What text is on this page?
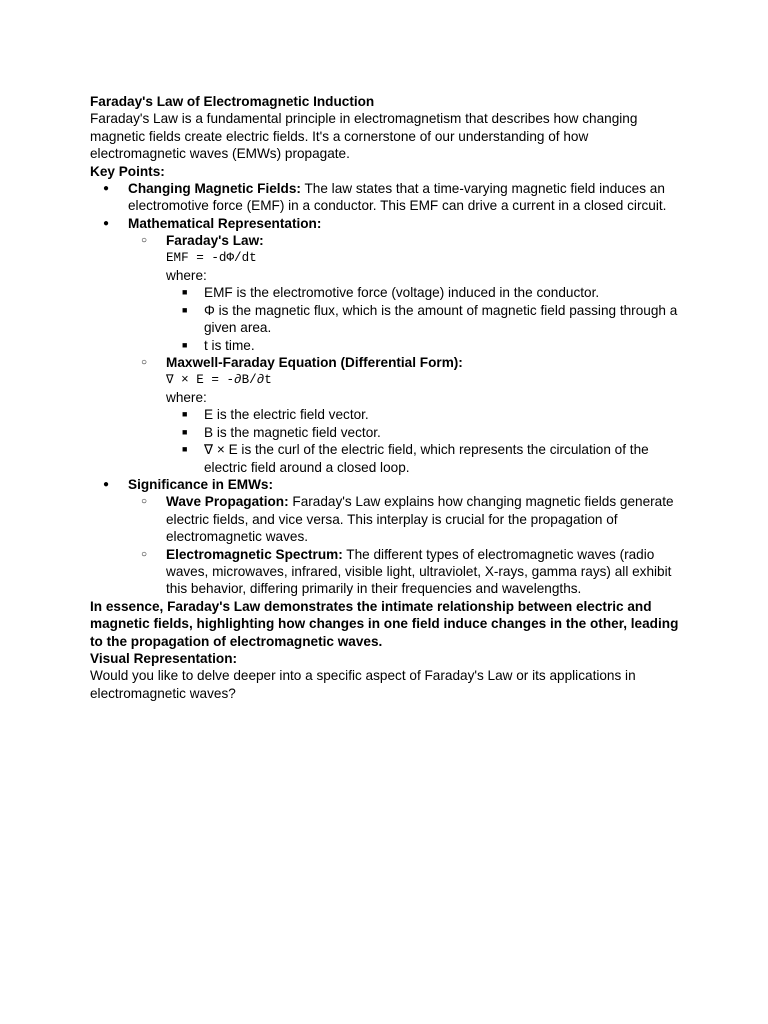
Faraday's Law of Electromagnetic Induction

Faraday's Law is a fundamental principle in electromagnetism that describes how changing magnetic fields create electric fields. It's a cornerstone of our understanding of how electromagnetic waves (EMWs) propagate.

Key Points:

● Changing Magnetic Fields: The law states that a time-varying magnetic field induces an electromotive force (EMF) in a conductor. This EMF can drive a current in a closed circuit.
● Mathematical Representation:
○ Faraday's Law:
EMF = -dΦ/dt
where:
■ EMF is the electromotive force (voltage) induced in the conductor.
■ Φ is the magnetic flux, which is the amount of magnetic field passing through a given area.
■ t is time.
○ Maxwell-Faraday Equation (Differential Form):
∇ × E = -∂B/∂t
where:
■ E is the electric field vector.
■ B is the magnetic field vector.
■ ∇ × E is the curl of the electric field, which represents the circulation of the electric field around a closed loop.
● Significance in EMWs:
○ Wave Propagation: Faraday's Law explains how changing magnetic fields generate electric fields, and vice versa. This interplay is crucial for the propagation of electromagnetic waves.
○ Electromagnetic Spectrum: The different types of electromagnetic waves (radio waves, microwaves, infrared, visible light, ultraviolet, X-rays, gamma rays) all exhibit this behavior, differing primarily in their frequencies and wavelengths.

In essence, Faraday's Law demonstrates the intimate relationship between electric and magnetic fields, highlighting how changes in one field induce changes in the other, leading to the propagation of electromagnetic waves.

Visual Representation:

Would you like to delve deeper into a specific aspect of Faraday's Law or its applications in electromagnetic waves?
